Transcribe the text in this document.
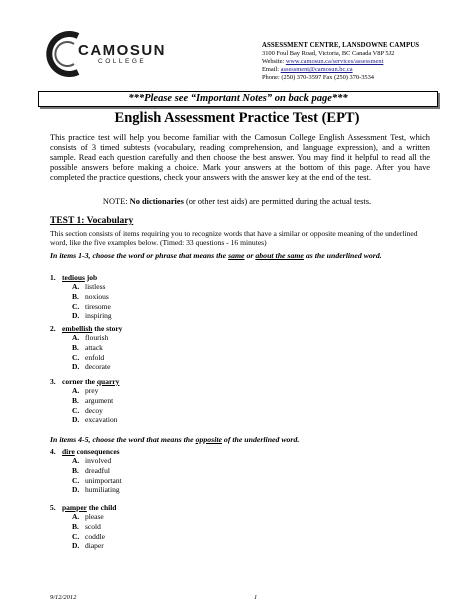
CAMOSUN
COLLEGE
ASSESSMENT CENTRE, LANSDOWNE CAMPUS
3100 Foul Bay Road, Victoria, BC Canada V8P 5J2
Website: www.camosun.ca/services/assessment
Email: assessment@camosun.bc.ca
Phone: (250) 370-3597 Fax (250) 370-3534
***Please see “Important Notes” on back page***
English Assessment Practice Test (EPT)
This practice test will help you become familiar with the Camosun College English Assessment Test, which consists of 3 timed subtests (vocabulary, reading comprehension, and language expression), and a written sample. Read each question carefully and then choose the best answer. You may find it helpful to read all the possible answers before making a choice. Mark your answers at the bottom of this page. After you have completed the practice questions, check your answers with the answer key at the end of the test.
NOTE: No dictionaries (or other test aids) are permitted during the actual tests.
TEST 1: Vocabulary
This section consists of items requiring you to recognize words that have a similar or opposite meaning of the underlined word, like the five examples below. (Timed: 33 questions - 16 minutes)
In items 1-3, choose the word or phrase that means the same or about the same as the underlined word.
1. tedious job
A. listless
B. noxious
C. tiresome
D. inspiring
2. embellish the story
A. flourish
B. attack
C. enfold
D. decorate
3. corner the quarry
A. prey
B. argument
C. decoy
D. excavation
In items 4-5, choose the word that means the opposite of the underlined word.
4. dire consequences
A. involved
B. dreadful
C. unimportant
D. humiliating
5. pamper the child
A. please
B. scold
C. coddle
D. diaper
9/12/2012	1
